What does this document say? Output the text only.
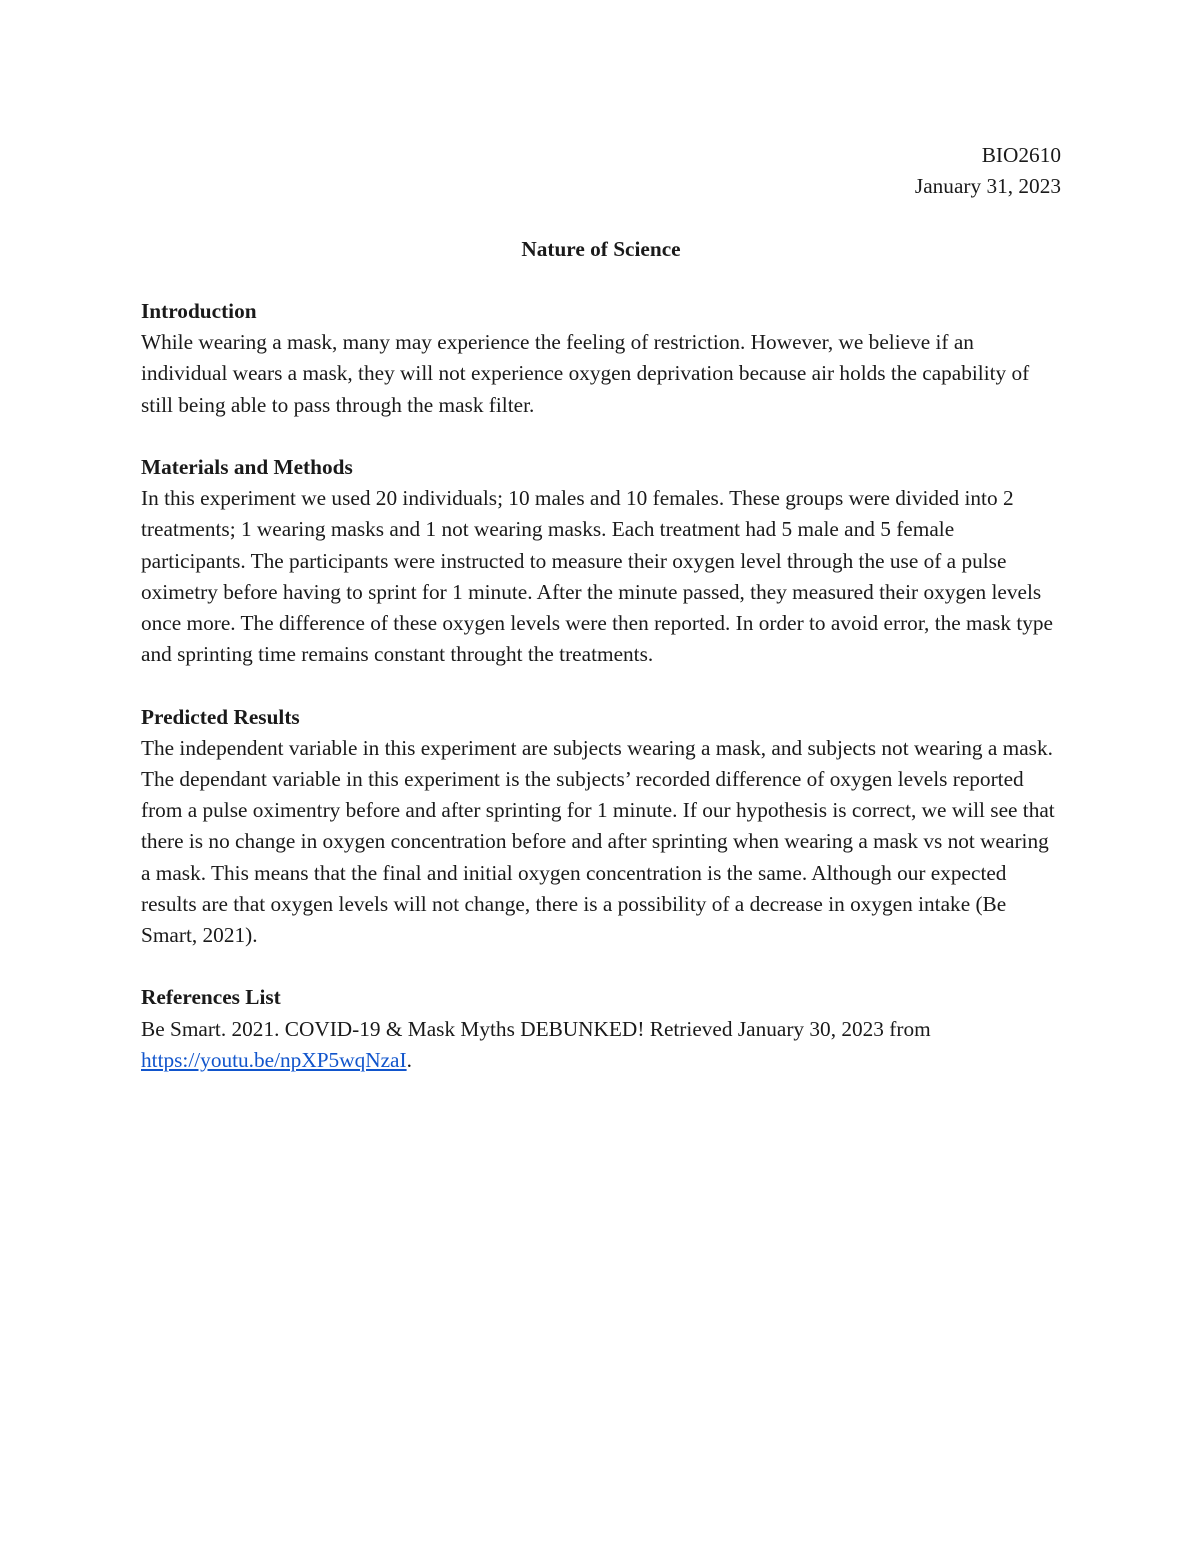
BIO2610

January 31, 2023

Nature of Science

Introduction

While wearing a mask, many may experience the feeling of restriction. However, we believe if an individual wears a mask, they will not experience oxygen deprivation because air holds the capability of still being able to pass through the mask filter.

Materials and Methods

In this experiment we used 20 individuals; 10 males and 10 females. These groups were divided into 2 treatments; 1 wearing masks and 1 not wearing masks. Each treatment had 5 male and 5 female participants. The participants were instructed to measure their oxygen level through the use of a pulse oximetry before having to sprint for 1 minute. After the minute passed, they measured their oxygen levels once more. The difference of these oxygen levels were then reported. In order to avoid error, the mask type and sprinting time remains constant throught the treatments.

Predicted Results

The independent variable in this experiment are subjects wearing a mask, and subjects not wearing a mask. The dependant variable in this experiment is the subjects’ recorded difference of oxygen levels reported from a pulse oximentry before and after sprinting for 1 minute. If our hypothesis is correct, we will see that there is no change in oxygen concentration before and after sprinting when wearing a mask vs not wearing a mask. This means that the final and initial oxygen concentration is the same. Although our expected results are that oxygen levels will not change, there is a possibility of a decrease in oxygen intake (Be Smart, 2021).

References List

Be Smart. 2021. COVID-19 & Mask Myths DEBUNKED! Retrieved January 30, 2023 from https://youtu.be/npXP5wqNzaI.
